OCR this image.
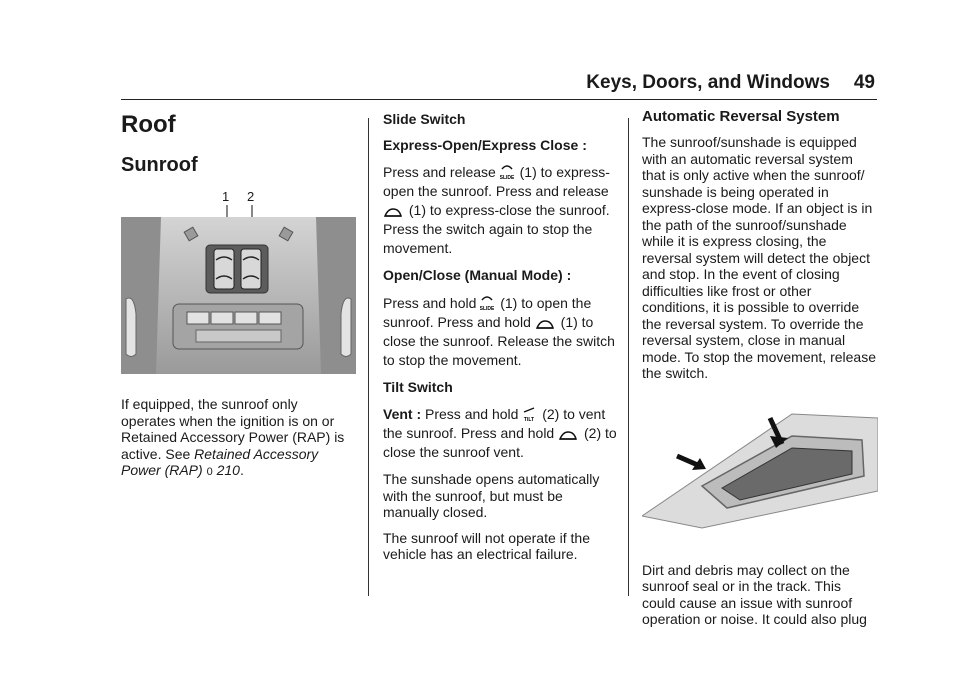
Keys, Doors, and Windows	49
Roof
Sunroof
1 2

If equipped, the sunroof only operates when the ignition is on or Retained Accessory Power (RAP) is active. See Retained Accessory Power (RAP) 0 210.

Slide Switch

Express-Open/Express Close :

Press and release SLIDE (1) to express-open the sunroof. Press and release  (1) to express-close the sunroof. Press the switch again to stop the movement.

Open/Close (Manual Mode) :

Press and hold SLIDE (1) to open the sunroof. Press and hold (1) to close the sunroof. Release the switch to stop the movement.

Tilt Switch

Vent : Press and hold TILT (2) to vent the sunroof. Press and hold (2) to close the sunroof vent.

The sunshade opens automatically with the sunroof, but must be manually closed.

The sunroof will not operate if the vehicle has an electrical failure.

Automatic Reversal System

The sunroof/sunshade is equipped with an automatic reversal system that is only active when the sunroof/ sunshade is being operated in express-close mode. If an object is in the path of the sunroof/sunshade while it is express closing, the reversal system will detect the object and stop. In the event of closing difficulties like frost or other conditions, it is possible to override the reversal system. To override the reversal system, close in manual mode. To stop the movement, release the switch.

Dirt and debris may collect on the sunroof seal or in the track. This could cause an issue with sunroof operation or noise. It could also plug
